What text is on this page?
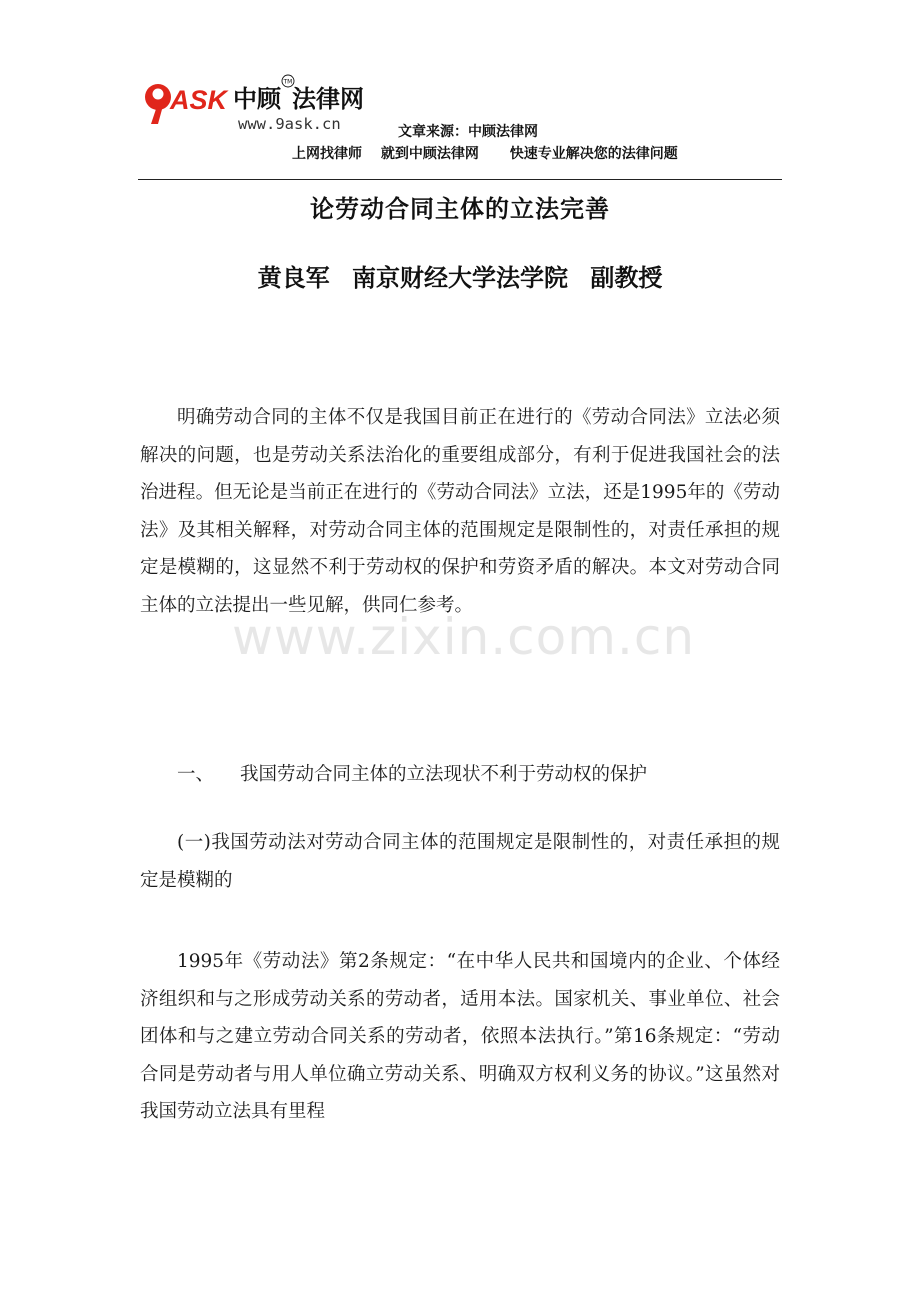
ASK 中顾 法律网
TM
www.9ask.cn	文章来源：中顾法律网
上网找律师 就到中顾法律网 快速专业解决您的法律问题
论劳动合同主体的立法完善
黄良军 南京财经大学法学院 副教授

明确劳动合同的主体不仅是我国目前正在进行的《劳动合同法》立法必须解决的问题，也是劳动关系法治化的重要组成部分，有利于促进我国社会的法治进程。但无论是当前正在进行的《劳动合同法》立法，还是1995年的《劳动法》及其相关解释，对劳动合同主体的范围规定是限制性的，对责任承担的规定是模糊的，这显然不利于劳动权的保护和劳资矛盾的解决。本文对劳动合同主体的立法提出一些见解，供同仁参考。

一、 我国劳动合同主体的立法现状不利于劳动权的保护

(一)我国劳动法对劳动合同主体的范围规定是限制性的，对责任承担的规定是模糊的

1995年《劳动法》第2条规定：“在中华人民共和国境内的企业、个体经济组织和与之形成劳动关系的劳动者，适用本法。国家机关、事业单位、社会团体和与之建立劳动合同关系的劳动者，依照本法执行。”第16条规定：“劳动合同是劳动者与用人单位确立劳动关系、明确双方权利义务的协议。”这虽然对我国劳动立法具有里程

www.zixin.com.cn
